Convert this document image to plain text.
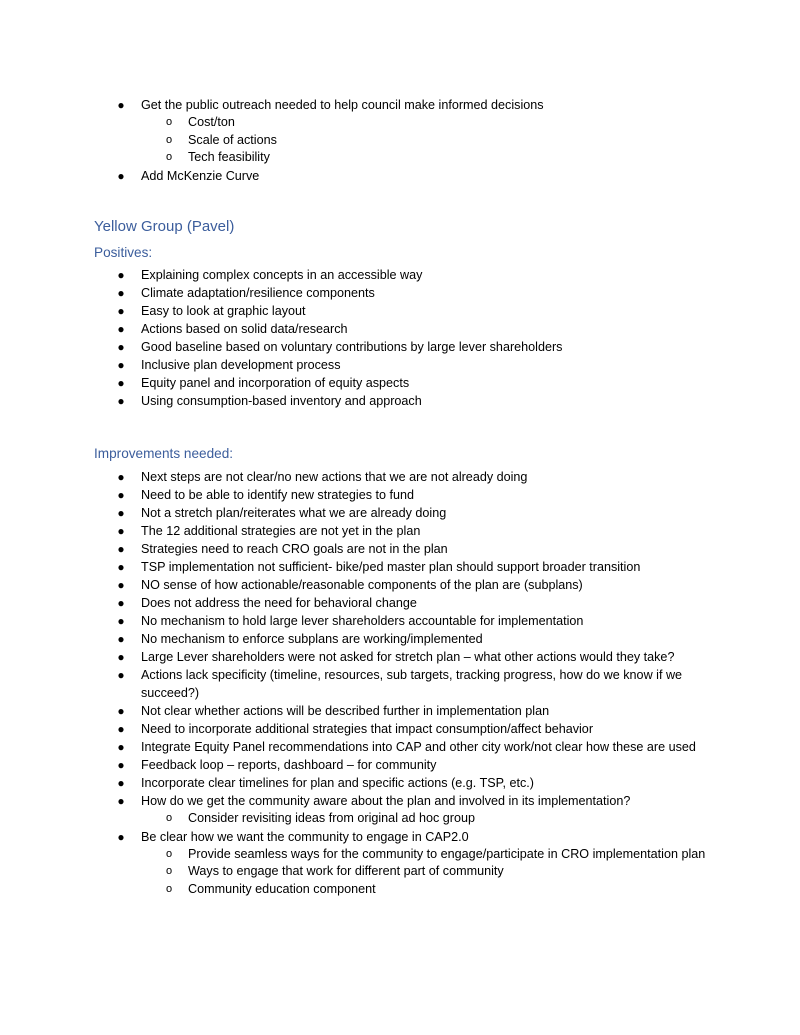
● Get the public outreach needed to help council make informed decisions
o Cost/ton
o Scale of actions
o Tech feasibility
● Add McKenzie Curve
Yellow Group (Pavel)
Positives:
● Explaining complex concepts in an accessible way
● Climate adaptation/resilience components
● Easy to look at graphic layout
● Actions based on solid data/research
● Good baseline based on voluntary contributions by large lever shareholders
● Inclusive plan development process
● Equity panel and incorporation of equity aspects
● Using consumption-based inventory and approach
Improvements needed:
● Next steps are not clear/no new actions that we are not already doing
● Need to be able to identify new strategies to fund
● Not a stretch plan/reiterates what we are already doing
● The 12 additional strategies are not yet in the plan
● Strategies need to reach CRO goals are not in the plan
● TSP implementation not sufficient- bike/ped master plan should support broader transition
● NO sense of how actionable/reasonable components of the plan are (subplans)
● Does not address the need for behavioral change
● No mechanism to hold large lever shareholders accountable for implementation
● No mechanism to enforce subplans are working/implemented
● Large Lever shareholders were not asked for stretch plan – what other actions would they take?
● Actions lack specificity (timeline, resources, sub targets, tracking progress, how do we know if we succeed?)
● Not clear whether actions will be described further in implementation plan
● Need to incorporate additional strategies that impact consumption/affect behavior
● Integrate Equity Panel recommendations into CAP and other city work/not clear how these are used
● Feedback loop – reports, dashboard – for community
● Incorporate clear timelines for plan and specific actions (e.g. TSP, etc.)
● How do we get the community aware about the plan and involved in its implementation?
o Consider revisiting ideas from original ad hoc group
● Be clear how we want the community to engage in CAP2.0
o Provide seamless ways for the community to engage/participate in CRO implementation plan
o Ways to engage that work for different part of community
o Community education component
